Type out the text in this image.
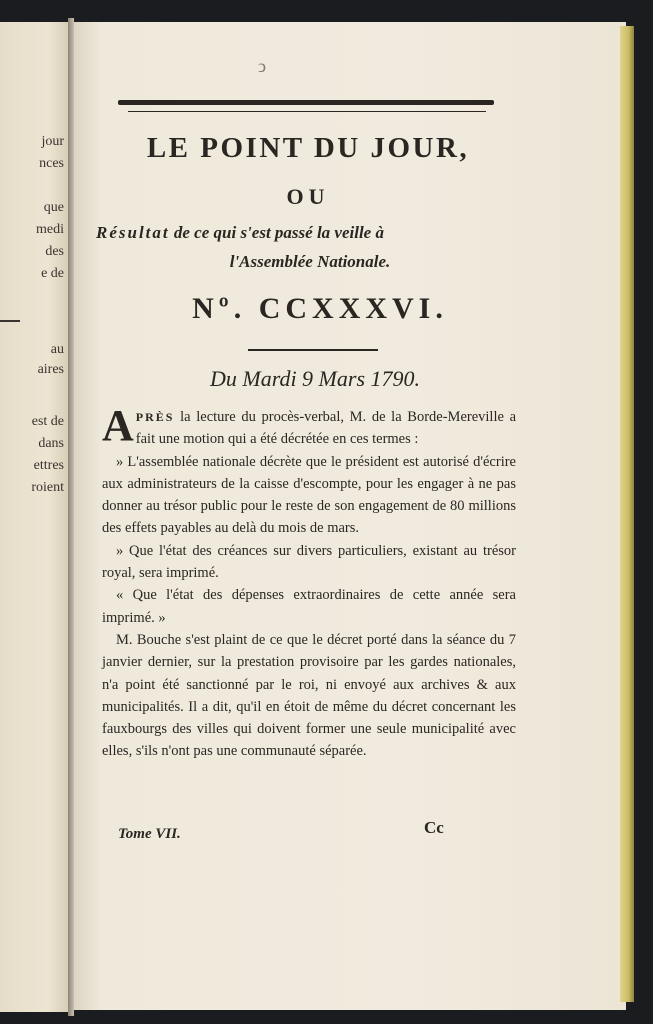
jour
nces
que
medi
des
e de
au
aires
est de
dans
ettres
roient
ↄ
LE POINT DU JOUR,
OU
Résultat de ce qui s'est passé la veille à
l'Assemblée Nationale.
Nº. CCXXXVI.
Du Mardi 9 Mars 1790.

APRÈS la lecture du procès-verbal, M. de la Borde-Mereville a fait une motion qui a été décrétée en ces termes :

» L'assemblée nationale décrète que le président est autorisé d'écrire aux administrateurs de la caisse d'escompte, pour les engager à ne pas donner au trésor public pour le reste de son engagement de 80 millions des effets payables au delà du mois de mars.

» Que l'état des créances sur divers particuliers, existant au trésor royal, sera imprimé.

« Que l'état des dépenses extraordinaires de cette année sera imprimé. »

M. Bouche s'est plaint de ce que le décret porté dans la séance du 7 janvier dernier, sur la prestation provisoire par les gardes nationales, n'a point été sanctionné par le roi, ni envoyé aux archives & aux municipalités. Il a dit, qu'il en étoit de même du décret concernant les fauxbourgs des villes qui doivent former une seule municipalité avec elles, s'ils n'ont pas une communauté séparée.

Tome VII.	Cc
